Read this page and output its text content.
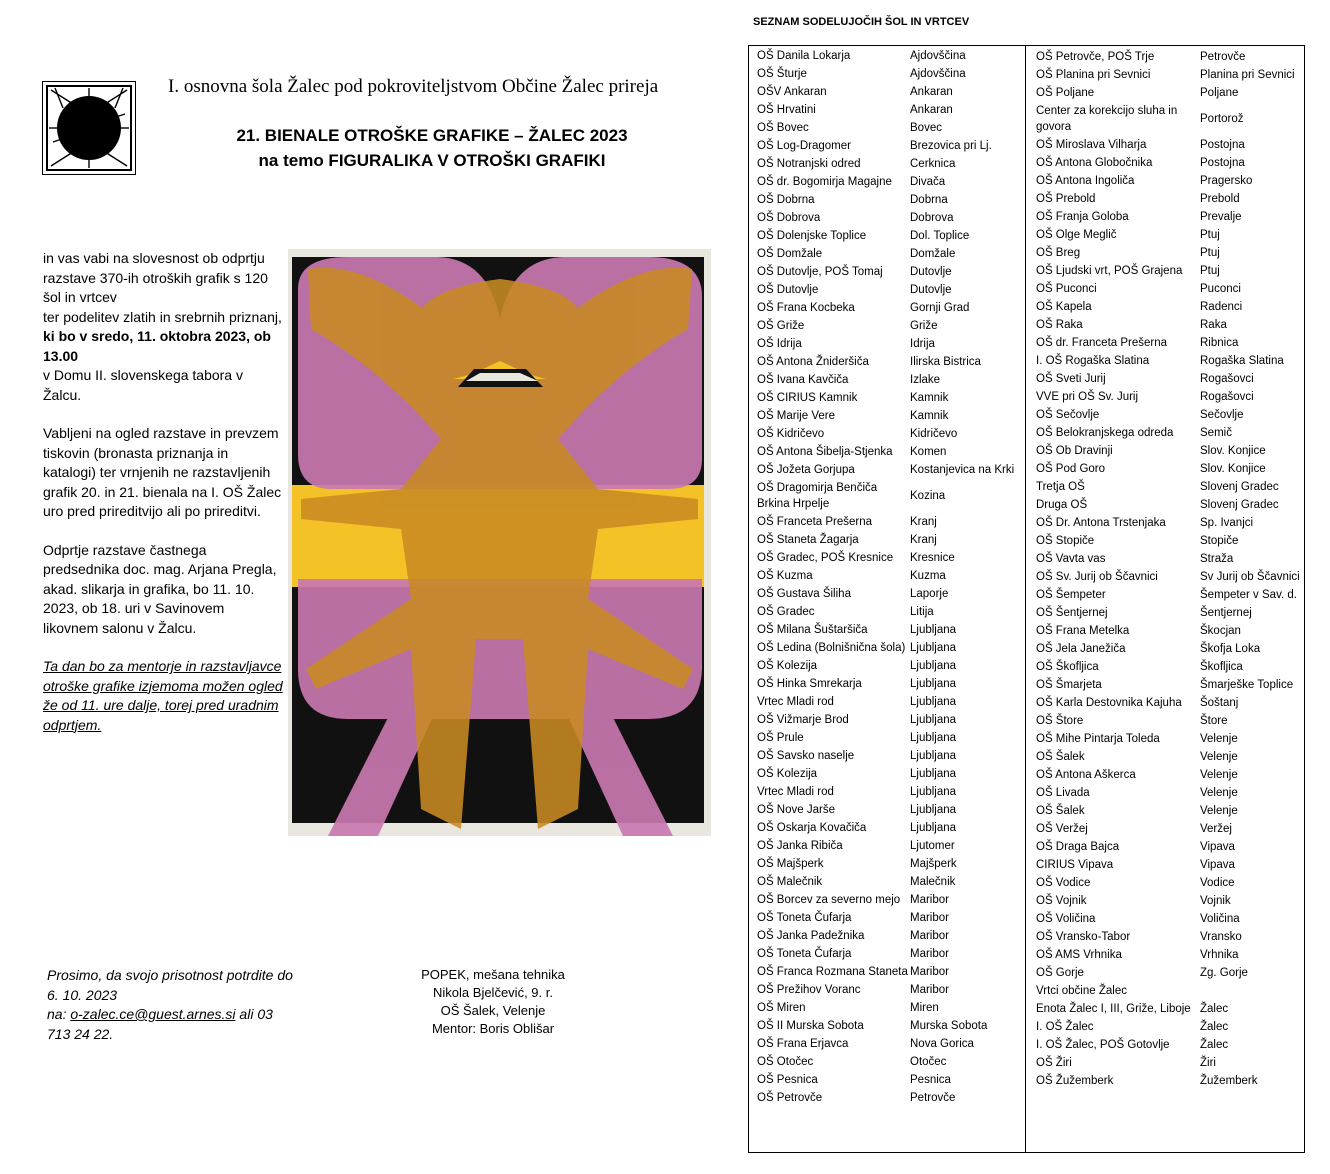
I. osnovna šola Žalec pod pokroviteljstvom Občine Žalec prireja
21. BIENALE OTROŠKE GRAFIKE – ŽALEC 2023
na temo FIGURALIKA V OTROŠKI GRAFIKI

in vas vabi na slovesnost ob odprtju razstave 370-ih otroških grafik s 120 šol in vrtcev

ter podelitev zlatih in srebrnih priznanj,

ki bo v sredo, 11. oktobra 2023, ob 13.00

v Domu II. slovenskega tabora v Žalcu.

Vabljeni na ogled razstave in prevzem tiskovin (bronasta priznanja in katalogi) ter vrnjenih ne razstavljenih grafik 20. in 21. bienala na I. OŠ Žalec uro pred prireditvijo ali po prireditvi.

Odprtje razstave častnega predsednika doc. mag. Arjana Pregla, akad. slikarja in grafika, bo 11. 10. 2023, ob 18. uri v Savinovem likovnem salonu v Žalcu.

Ta dan bo za mentorje in razstavljavce otroške grafike izjemoma možen ogled že od 11. ure dalje, torej pred uradnim odprtjem.

Prosimo, da svojo prisotnost potrdite do 6. 10. 2023
na: o-zalec.ce@guest.arnes.si ali 03 713 24 22.
POPEK, mešana tehnika
Nikola Bjelčević, 9. r.
OŠ Šalek, Velenje
Mentor: Boris Oblišar
SEZNAM SODELUJOČIH ŠOL IN VRTCEV
OŠ Danila Lokarja	Ajdovščina
OŠ Šturje	Ajdovščina
OŠV Ankaran	Ankaran
OŠ Hrvatini	Ankaran
OŠ Bovec	Bovec
OŠ Log-Dragomer	Brezovica pri Lj.
OŠ Notranjski odred	Cerknica
OŠ dr. Bogomirja Magajne	Divača
OŠ Dobrna	Dobrna
OŠ Dobrova	Dobrova
OŠ Dolenjske Toplice	Dol. Toplice
OŠ Domžale	Domžale
OŠ Dutovlje, POŠ Tomaj	Dutovlje
OŠ Dutovlje	Dutovlje
OŠ Frana Kocbeka	Gornji Grad
OŠ Griže	Griže
OŠ Idrija	Idrija
OŠ Antona Žnideršiča	Ilirska Bistrica
OŠ Ivana Kavčiča	Izlake
OŠ CIRIUS Kamnik	Kamnik
OŠ Marije Vere	Kamnik
OŠ Kidričevo	Kidričevo
OŠ Antona Šibelja-Stjenka	Komen
OŠ Jožeta Gorjupa	Kostanjevica na Krki
OŠ Dragomirja Benčiča Brkina Hrpelje
Kozina
OŠ Franceta Prešerna	Kranj
OŠ Staneta Žagarja	Kranj
OŠ Gradec, POŠ Kresnice	Kresnice
OŠ Kuzma	Kuzma
OŠ Gustava Šiliha	Laporje
OŠ Gradec	Litija
OŠ Milana Šuštaršiča	Ljubljana
OŠ Ledina (Bolnišnična šola) Ljubljana
OŠ Kolezija	Ljubljana
OŠ Hinka Smrekarja	Ljubljana
Vrtec Mladi rod	Ljubljana
OŠ Vižmarje Brod	Ljubljana
OŠ Prule	Ljubljana
OŠ Savsko naselje	Ljubljana
OŠ Kolezija	Ljubljana
Vrtec Mladi rod	Ljubljana
OŠ Nove Jarše	Ljubljana
OŠ Oskarja Kovačiča	Ljubljana
OŠ Janka Ribiča	Ljutomer
OŠ Majšperk	Majšperk
OŠ Malečnik	Malečnik
OŠ Borcev za severno mejo Maribor
OŠ Toneta Čufarja	Maribor
OŠ Janka Padežnika	Maribor
OŠ Toneta Čufarja	Maribor
OŠ Franca Rozmana Staneta Maribor
OŠ Prežihov Voranc	Maribor
OŠ Miren	Miren
OŠ II Murska Sobota	Murska Sobota
OŠ Frana Erjavca	Nova Gorica
OŠ Otočec	Otočec
OŠ Pesnica	Pesnica
OŠ Petrovče	Petrovče
OŠ Petrovče, POŠ Trje	Petrovče
OŠ Planina pri Sevnici	Planina pri Sevnici
OŠ Poljane	Poljane
Center za korekcijo sluha in govora
Portorož
OŠ Miroslava Vilharja	Postojna
OŠ Antona Globočnika	Postojna
OŠ Antona Ingoliča	Pragersko
OŠ Prebold	Prebold
OŠ Franja Goloba	Prevalje
OŠ Olge Meglič	Ptuj
OŠ Breg	Ptuj
OŠ Ljudski vrt, POŠ Grajena	Ptuj
OŠ Puconci	Puconci
OŠ Kapela	Radenci
OŠ Raka	Raka
OŠ dr. Franceta Prešerna	Ribnica
I. OŠ Rogaška Slatina	Rogaška Slatina
OŠ Sveti Jurij	Rogašovci
VVE pri OŠ Sv. Jurij	Rogašovci
OŠ Sečovlje	Sečovlje
OŠ Belokranjskega odreda	Semič
OŠ Ob Dravinji	Slov. Konjice
OŠ Pod Goro	Slov. Konjice
Tretja OŠ	Slovenj Gradec
Druga OŠ	Slovenj Gradec
OŠ Dr. Antona Trstenjaka	Sp. Ivanjci
OŠ Stopiče	Stopiče
OŠ Vavta vas	Straža
OŠ Sv. Jurij ob Ščavnici	Sv Jurij ob Ščavnici
OŠ Šempeter	Šempeter v Sav. d.
OŠ Šentjernej	Šentjernej
OŠ Frana Metelka	Škocjan
OŠ Jela Janežiča	Škofja Loka
OŠ Škofljica	Škofljica
OŠ Šmarjeta	Šmarješke Toplice
OŠ Karla Destovnika Kajuha	Šoštanj
OŠ Štore	Štore
OŠ Mihe Pintarja Toleda	Velenje
OŠ Šalek	Velenje
OŠ Antona Aškerca	Velenje
OŠ Livada	Velenje
OŠ Šalek	Velenje
OŠ Veržej	Veržej
OŠ Draga Bajca	Vipava
CIRIUS Vipava	Vipava
OŠ Vodice	Vodice
OŠ Vojnik	Vojnik
OŠ Voličina	Voličina
OŠ Vransko-Tabor	Vransko
OŠ AMS Vrhnika	Vrhnika
OŠ Gorje	Zg. Gorje
Vrtci občine Žalec
Enota Žalec I, III, Griže, Liboje Žalec
I. OŠ Žalec	Žalec
I. OŠ Žalec, POŠ Gotovlje	Žalec
OŠ Žiri	Žiri
OŠ Žužemberk	Žužemberk
